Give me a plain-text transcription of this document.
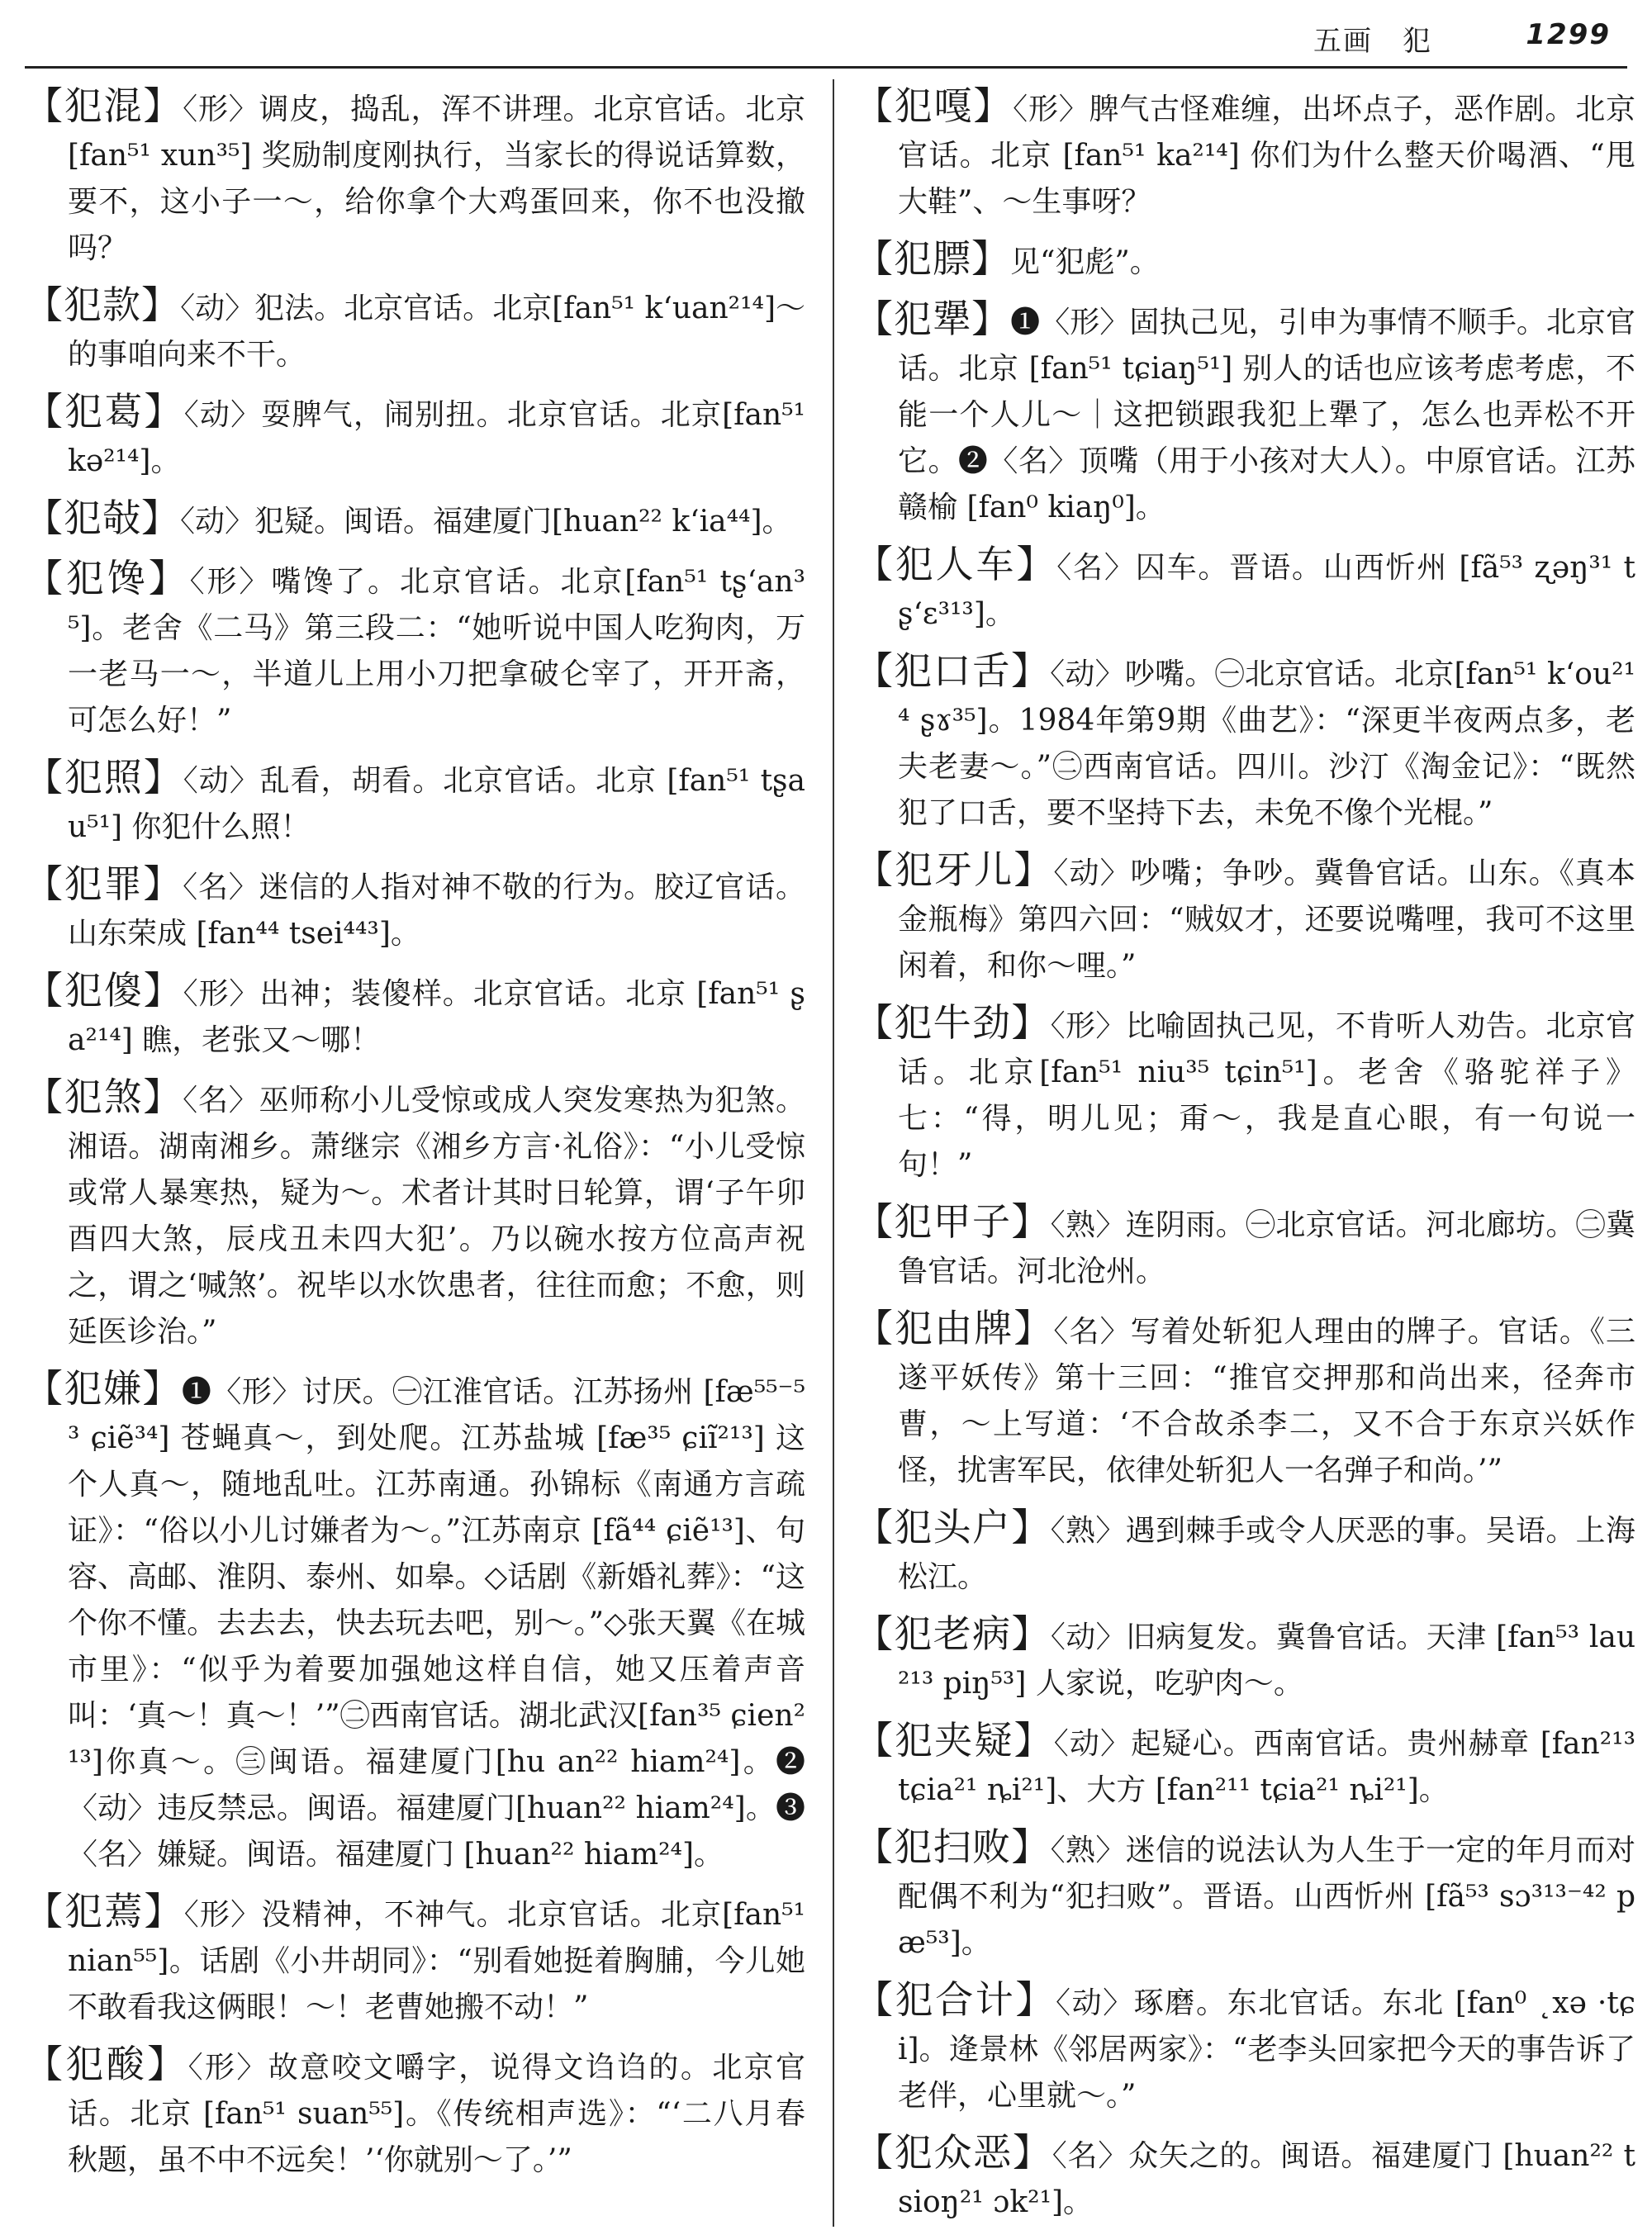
五画　犯	1299

【犯混】〈形〉调皮，捣乱，浑不讲理。北京官话。北京 [fan⁵¹ xun³⁵] 奖励制度刚执行，当家长的得说话算数，要不，这小子一～，给你拿个大鸡蛋回来，你不也没撤吗？

【犯款】〈动〉犯法。北京官话。北京[fan⁵¹ k‘uan²¹⁴]～的事咱向来不干。

【犯葛】〈动〉耍脾气，闹别扭。北京官话。北京[fan⁵¹ kə²¹⁴]。

【犯敧】〈动〉犯疑。闽语。福建厦门[huan²² k‘ia⁴⁴]。

【犯馋】〈形〉嘴馋了。北京官话。北京[fan⁵¹ tʂ‘an³⁵]。老舍《二马》第三段二：“她听说中国人吃狗肉，万一老马一～，半道儿上用小刀把拿破仑宰了，开开斋，可怎么好！”

【犯照】〈动〉乱看，胡看。北京官话。北京 [fan⁵¹ tʂau⁵¹] 你犯什么照！

【犯罪】〈名〉迷信的人指对神不敬的行为。胶辽官话。山东荣成 [fan⁴⁴ tsei⁴⁴³]。

【犯傻】〈形〉出神；装傻样。北京官话。北京 [fan⁵¹ ʂa²¹⁴] 瞧，老张又～哪！

【犯煞】〈名〉巫师称小儿受惊或成人突发寒热为犯煞。湘语。湖南湘乡。萧继宗《湘乡方言·礼俗》：“小儿受惊或常人暴寒热，疑为～。术者计其时日轮算，谓‘子午卯酉四大煞，辰戌丑未四大犯’。乃以碗水按方位高声祝之，谓之‘喊煞’。祝毕以水饮患者，往往而愈；不愈，则延医诊治。”

【犯嫌】❶〈形〉讨厌。㊀江淮官话。江苏扬州 [fæ⁵⁵⁻⁵³ ɕiẽ³⁴] 苍蝇真～，到处爬。江苏盐城 [fæ³⁵ ɕiĩ²¹³] 这个人真～，随地乱吐。江苏南通。孙锦标《南通方言疏证》：“俗以小儿讨嫌者为～。”江苏南京 [fã⁴⁴ ɕiẽ¹³]、句容、高邮、淮阴、泰州、如皋。◇话剧《新婚礼葬》：“这个你不懂。去去去，快去玩去吧，别～。”◇张天翼《在城市里》：“似乎为着要加强她这样自信，她又压着声音叫：‘真～！真～！’”㊁西南官话。湖北武汉[fan³⁵ ɕien²¹³]你真～。㊂闽语。福建厦门[hu an²² hiam²⁴]。❷〈动〉违反禁忌。闽语。福建厦门[huan²² hiam²⁴]。❸〈名〉嫌疑。闽语。福建厦门 [huan²² hiam²⁴]。

【犯蔫】〈形〉没精神，不神气。北京官话。北京[fan⁵¹ nian⁵⁵]。话剧《小井胡同》：“别看她挺着胸脯，今儿她不敢看我这俩眼！～！老曹她搬不动！”

【犯酸】〈形〉故意咬文嚼字，说得文诌诌的。北京官话。北京 [fan⁵¹ suan⁵⁵]。《传统相声选》：“‘二八月春秋题，虽不中不远矣！’‘你就别～了。’”

【犯嘎】〈形〉脾气古怪难缠，出坏点子，恶作剧。北京官话。北京 [fan⁵¹ ka²¹⁴] 你们为什么整天价喝酒、“甩大鞋”、～生事呀？

【犯膘】见“犯彪”。

【犯犟】❶〈形〉固执己见，引申为事情不顺手。北京官话。北京 [fan⁵¹ tɕiaŋ⁵¹] 别人的话也应该考虑考虑，不能一个人儿～｜这把锁跟我犯上犟了，怎么也弄松不开它。❷〈名〉顶嘴（用于小孩对大人）。中原官话。江苏赣榆 [fan⁰ kiaŋ⁰]。

【犯人车】〈名〉囚车。晋语。山西忻州 [fã⁵³ ʐəŋ³¹ tʂ‘ɛ³¹³]。

【犯口舌】〈动〉吵嘴。㊀北京官话。北京[fan⁵¹ k‘ou²¹⁴ ʂɤ³⁵]。1984年第9期《曲艺》：“深更半夜两点多，老夫老妻～。”㊁西南官话。四川。沙汀《淘金记》：“既然犯了口舌，要不坚持下去，未免不像个光棍。”

【犯牙儿】〈动〉吵嘴；争吵。冀鲁官话。山东。《真本金瓶梅》第四六回：“贼奴才，还要说嘴哩，我可不这里闲着，和你～哩。”

【犯牛劲】〈形〉比喻固执己见，不肯听人劝告。北京官话。北京[fan⁵¹ niu³⁵ tɕin⁵¹]。老舍《骆驼祥子》七：“得，明儿见；甭～，我是直心眼，有一句说一句！”

【犯甲子】〈熟〉连阴雨。㊀北京官话。河北廊坊。㊁冀鲁官话。河北沧州。

【犯由牌】〈名〉写着处斩犯人理由的牌子。官话。《三遂平妖传》第十三回：“推官交押那和尚出来，径奔市曹，～上写道：‘不合故杀李二，又不合于东京兴妖作怪，扰害军民，依律处斩犯人一名弹子和尚。’”

【犯头户】〈熟〉遇到棘手或令人厌恶的事。吴语。上海松江。

【犯老病】〈动〉旧病复发。冀鲁官话。天津 [fan⁵³ lau²¹³ piŋ⁵³] 人家说，吃驴肉～。

【犯夹疑】〈动〉起疑心。西南官话。贵州赫章 [fan²¹³ tɕia²¹ ȵi²¹]、大方 [fan²¹¹ tɕia²¹ ȵi²¹]。

【犯扫败】〈熟〉迷信的说法认为人生于一定的年月而对配偶不利为“犯扫败”。晋语。山西忻州 [fã⁵³ sɔ³¹³⁻⁴² pæ⁵³]。

【犯合计】〈动〉琢磨。东北官话。东北 [fan⁰ ˛xə ·tɕi]。逄景林《邻居两家》：“老李头回家把今天的事告诉了老伴，心里就～。”

【犯众恶】〈名〉众矢之的。闽语。福建厦门 [huan²² tsioŋ²¹ ɔk²¹]。
